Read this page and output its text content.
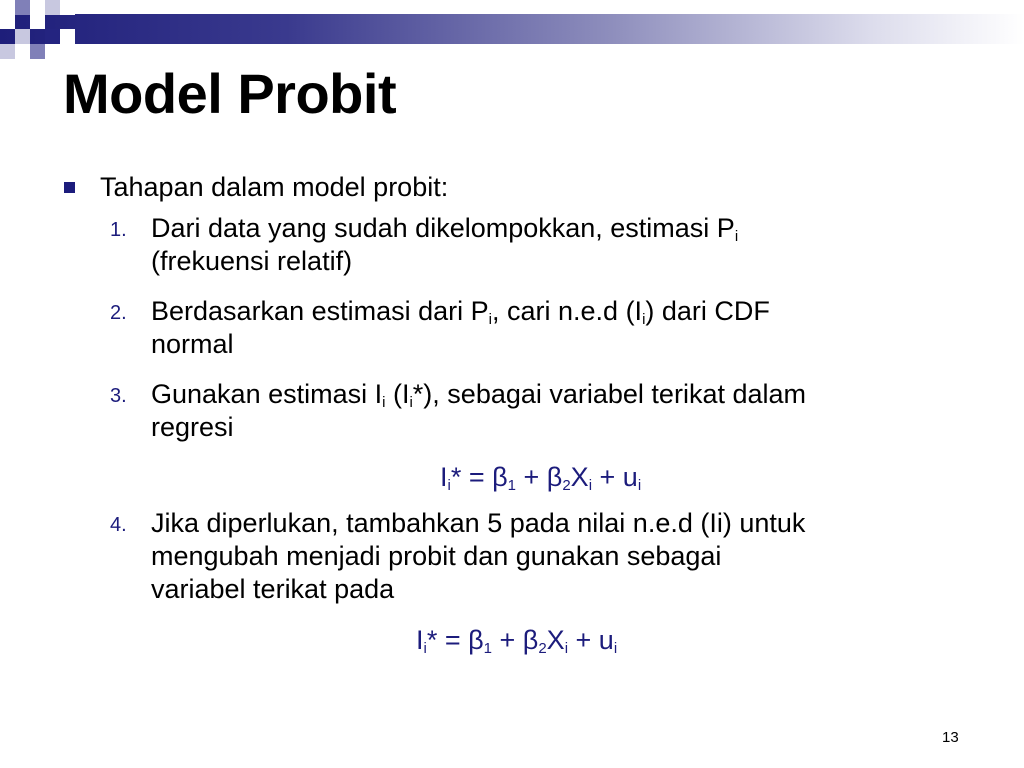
Model Probit
Tahapan dalam model probit:
1. Dari data yang sudah dikelompokkan, estimasi $P_i$
(frekuensi relatif)
2. Berdasarkan estimasi dari $P_i$, cari n.e.d $(I_i)$ dari CDF
normal
3. Gunakan estimasi $I_i$ $(I_i*)$, sebagai variabel terikat dalam
regresi
$I_i* = \beta_1 + \beta_2X_i + u_i$
4. Jika diperlukan, tambahkan 5 pada nilai n.e.d (Ii) untuk
mengubah menjadi probit dan gunakan sebagai
variabel terikat pada
$I_i* = \beta_1 + \beta_2X_i + u_i$
13
